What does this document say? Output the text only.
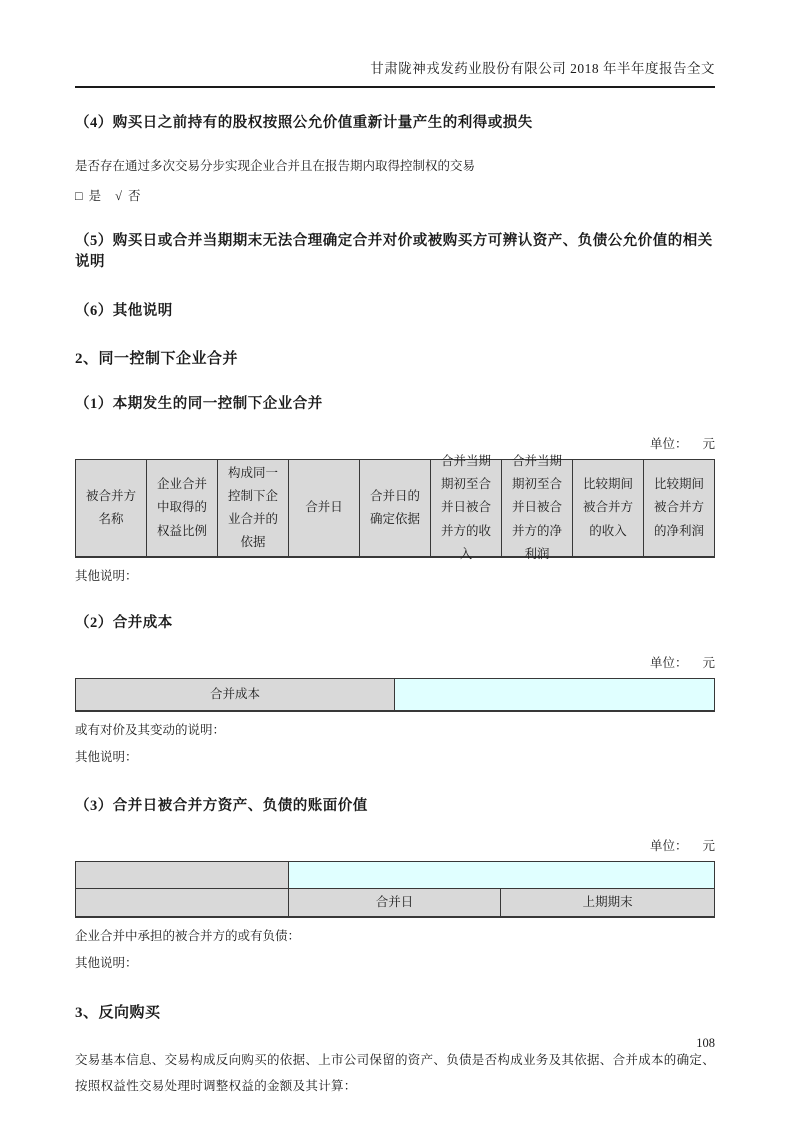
甘肃陇神戎发药业股份有限公司 2018 年半年度报告全文
（4）购买日之前持有的股权按照公允价值重新计量产生的利得或损失
是否存在通过多次交易分步实现企业合并且在报告期内取得控制权的交易
□ 是 √ 否
（5）购买日或合并当期期末无法合理确定合并对价或被购买方可辨认资产、负债公允价值的相关说明
（6）其他说明
2、同一控制下企业合并
（1）本期发生的同一控制下企业合并
单位： 元
被合并方名称
企业合并中取得的权益比例
构成同一控制下企业合并的依据
合并日
合并日的确定依据
合并当期期初至合并日被合并方的收入
合并当期期初至合并日被合并方的净利润
比较期间被合并方的收入
比较期间被合并方的净利润
其他说明：
（2）合并成本
单位： 元
合并成本
或有对价及其变动的说明：
其他说明：
（3）合并日被合并方资产、负债的账面价值
单位： 元
合并日	上期期末
企业合并中承担的被合并方的或有负债：
其他说明：
3、反向购买
交易基本信息、交易构成反向购买的依据、上市公司保留的资产、负债是否构成业务及其依据、合并成本的确定、按照权益性交易处理时调整权益的金额及其计算：
108
